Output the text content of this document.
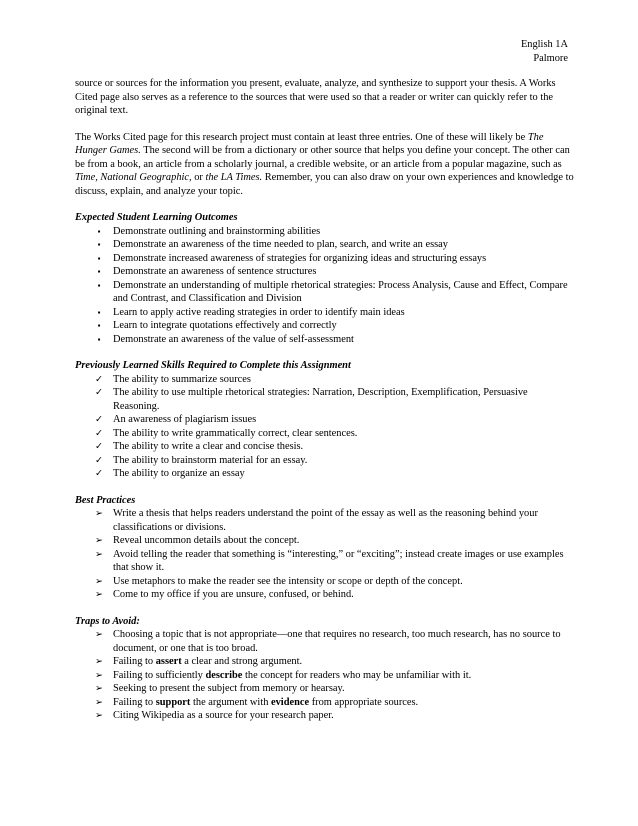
English 1A
Palmore

source or sources for the information you present, evaluate, analyze, and synthesize to support your thesis. A Works Cited page also serves as a reference to the sources that were used so that a reader or writer can quickly refer to the original text.

The Works Cited page for this research project must contain at least three entries. One of these will likely be The Hunger Games. The second will be from a dictionary or other source that helps you define your concept. The other can be from a book, an article from a scholarly journal, a credible website, or an article from a popular magazine, such as Time, National Geographic, or the LA Times. Remember, you can also draw on your own experiences and knowledge to discuss, explain, and analyze your topic.

Expected Student Learning Outcomes

▪	Demonstrate outlining and brainstorming abilities
▪	Demonstrate an awareness of the time needed to plan, search, and write an essay
▪	Demonstrate increased awareness of strategies for organizing ideas and structuring essays
▪	Demonstrate an awareness of sentence structures
▪	Demonstrate an understanding of multiple rhetorical strategies: Process Analysis, Cause and Effect, Compare and Contrast, and Classification and Division
▪	Learn to apply active reading strategies in order to identify main ideas
▪	Learn to integrate quotations effectively and correctly
▪	Demonstrate an awareness of the value of self-assessment

Previously Learned Skills Required to Complete this Assignment

✓ The ability to summarize sources
✓ The ability to use multiple rhetorical strategies: Narration, Description, Exemplification, Persuasive Reasoning.
✓ An awareness of plagiarism issues
✓ The ability to write grammatically correct, clear sentences.
✓ The ability to write a clear and concise thesis.
✓ The ability to brainstorm material for an essay.
✓ The ability to organize an essay

Best Practices

➢ Write a thesis that helps readers understand the point of the essay as well as the reasoning behind your classifications or divisions.
➢ Reveal uncommon details about the concept.
➢ Avoid telling the reader that something is “interesting,” or “exciting”; instead create images or use examples that show it.
➢ Use metaphors to make the reader see the intensity or scope or depth of the concept.
➢ Come to my office if you are unsure, confused, or behind.

Traps to Avoid:

➢ Choosing a topic that is not appropriate—one that requires no research, too much research, has no source to document, or one that is too broad.
➢ Failing to assert a clear and strong argument.
➢ Failing to sufficiently describe the concept for readers who may be unfamiliar with it.
➢ Seeking to present the subject from memory or hearsay.
➢ Failing to support the argument with evidence from appropriate sources.
➢ Citing Wikipedia as a source for your research paper.
